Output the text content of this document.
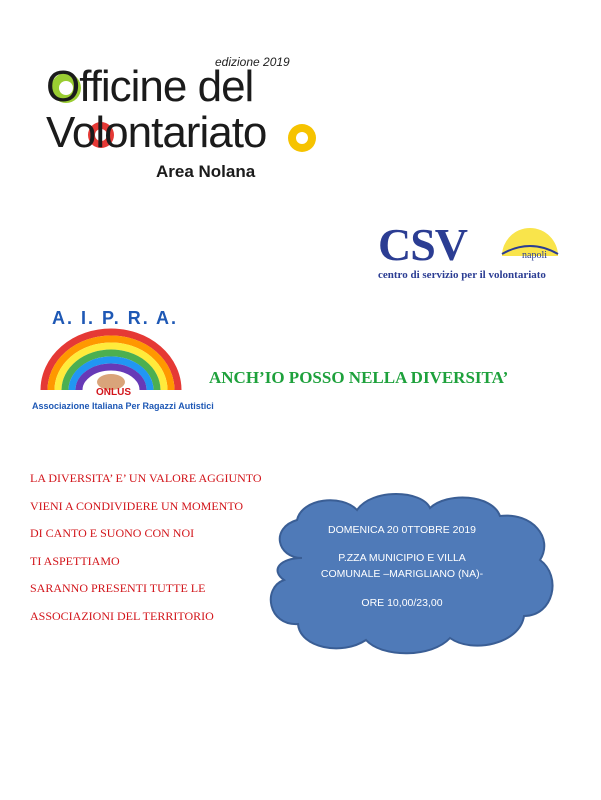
edizione 2019
Officine del
Volontariato
Area Nolana
CSV	napoli
centro di servizio per il volontariato
A. I. P. R. A.
ONLUS
Associazione Italiana Per Ragazzi Autistici
ANCH’IO POSSO NELLA DIVERSITA’
LA DIVERSITA’ E’ UN VALORE AGGIUNTO
VIENI A CONDIVIDERE UN MOMENTO
DI CANTO E SUONO CON NOI
TI ASPETTIAMO
SARANNO PRESENTI TUTTE LE
ASSOCIAZIONI DEL TERRITORIO
DOMENICA 20 0TTOBRE 2019
P.ZZA MUNICIPIO E VILLA
COMUNALE –MARIGLIANO (NA)-
ORE 10,00/23,00
